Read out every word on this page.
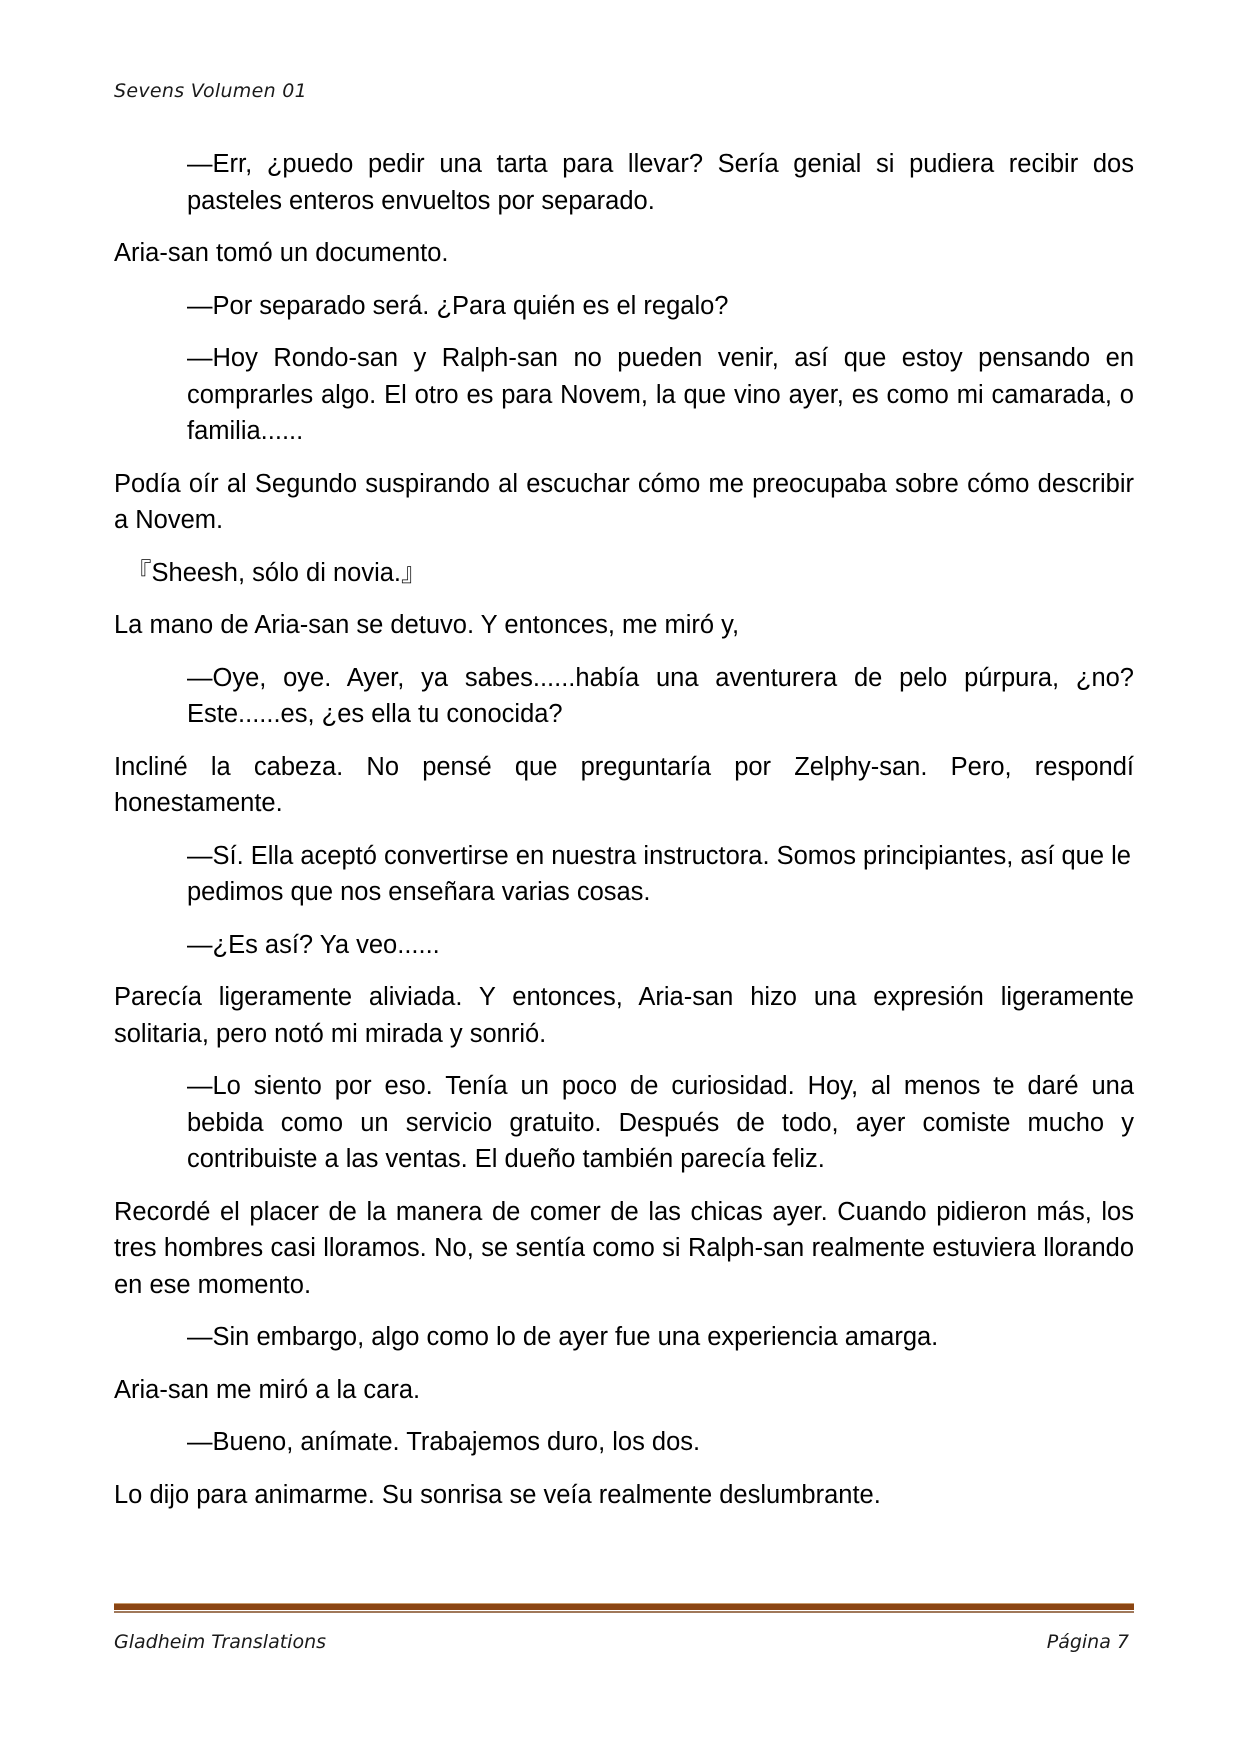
Sevens Volumen 01

—Err, ¿puedo pedir una tarta para llevar? Sería genial si pudiera recibir dos pasteles enteros envueltos por separado.

Aria-san tomó un documento.

—Por separado será. ¿Para quién es el regalo?

—Hoy Rondo-san y Ralph-san no pueden venir, así que estoy pensando en comprarles algo. El otro es para Novem, la que vino ayer, es como mi camarada, o familia......

Podía oír al Segundo suspirando al escuchar cómo me preocupaba sobre cómo describir a Novem.

『Sheesh, sólo di novia.』

La mano de Aria-san se detuvo. Y entonces, me miró y,

—Oye, oye. Ayer, ya sabes......había una aventurera de pelo púrpura, ¿no? Este......es, ¿es ella tu conocida?

Incliné la cabeza. No pensé que preguntaría por Zelphy-san. Pero, respondí honestamente.

—Sí. Ella aceptó convertirse en nuestra instructora. Somos principiantes, así que le pedimos que nos enseñara varias cosas.

—¿Es así? Ya veo......

Parecía ligeramente aliviada. Y entonces, Aria-san hizo una expresión ligeramente solitaria, pero notó mi mirada y sonrió.

—Lo siento por eso. Tenía un poco de curiosidad. Hoy, al menos te daré una bebida como un servicio gratuito. Después de todo, ayer comiste mucho y contribuiste a las ventas. El dueño también parecía feliz.

Recordé el placer de la manera de comer de las chicas ayer. Cuando pidieron más, los tres hombres casi lloramos. No, se sentía como si Ralph-san realmente estuviera llorando en ese momento.

—Sin embargo, algo como lo de ayer fue una experiencia amarga.

Aria-san me miró a la cara.

—Bueno, anímate. Trabajemos duro, los dos.

Lo dijo para animarme. Su sonrisa se veía realmente deslumbrante.

Gladheim Translations	Página 7
